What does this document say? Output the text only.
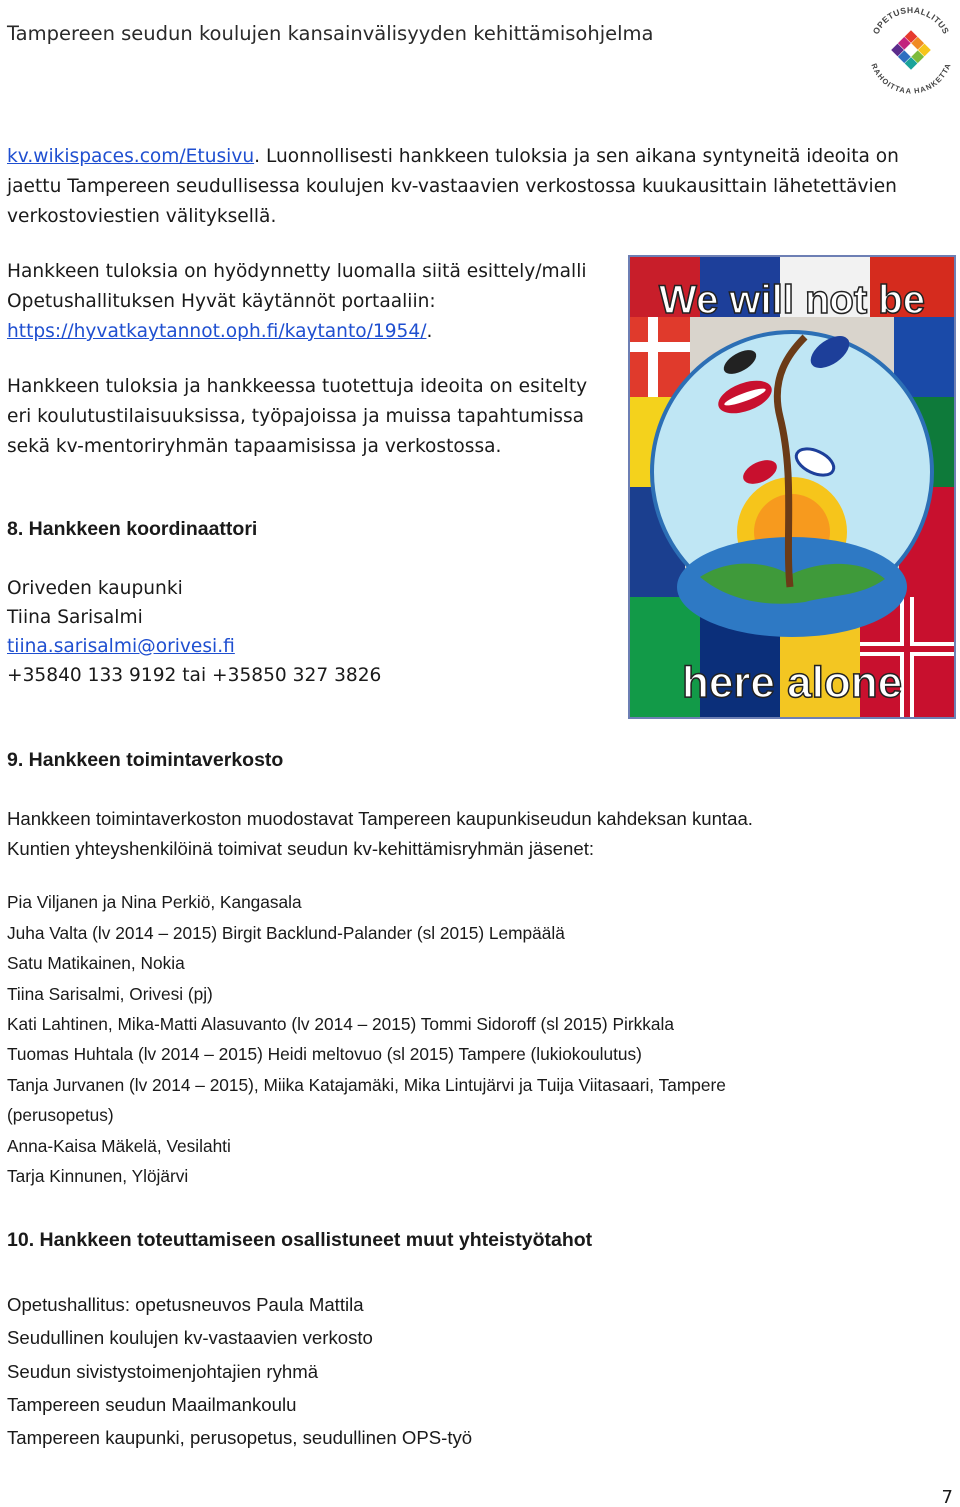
Tampereen seudun koulujen kansainvälisyyden kehittämisohjelma	OPETUSHALLITUS
RAHOITTAA HANKETTA
kv.wikispaces.com/Etusivu. Luonnollisesti hankkeen tuloksia ja sen aikana syntyneitä ideoita on
jaettu Tampereen seudullisessa koulujen kv-vastaavien verkostossa kuukausittain lähetettävien
verkostoviestien välityksellä.
Hankkeen tuloksia on hyödynnetty luomalla siitä esittely/malli
Opetushallituksen Hyvät käytännöt portaaliin:
https://hyvatkaytannot.oph.fi/kaytanto/1954/.
Hankkeen tuloksia ja hankkeessa tuotettuja ideoita on esitelty
eri koulutustilaisuuksissa, työpajoissa ja muissa tapahtumissa
sekä kv-mentoriryhmän tapaamisissa ja verkostossa.
We will not be
here alone
8. Hankkeen koordinaattori
Oriveden kaupunki
Tiina Sarisalmi
tiina.sarisalmi@orivesi.fi
+35840 133 9192 tai +35850 327 3826
9. Hankkeen toimintaverkosto
Hankkeen toimintaverkoston muodostavat Tampereen kaupunkiseudun kahdeksan kuntaa.
Kuntien yhteyshenkilöinä toimivat seudun kv-kehittämisryhmän jäsenet:
Pia Viljanen ja Nina Perkiö, Kangasala
Juha Valta (lv 2014 – 2015) Birgit Backlund-Palander (sl 2015) Lempäälä
Satu Matikainen, Nokia
Tiina Sarisalmi, Orivesi (pj)
Kati Lahtinen, Mika-Matti Alasuvanto (lv 2014 – 2015) Tommi Sidoroff (sl 2015) Pirkkala
Tuomas Huhtala (lv 2014 – 2015) Heidi meltovuo (sl 2015) Tampere (lukiokoulutus)
Tanja Jurvanen (lv 2014 – 2015), Miika Katajamäki, Mika Lintujärvi ja Tuija Viitasaari, Tampere
(perusopetus)
Anna-Kaisa Mäkelä, Vesilahti
Tarja Kinnunen, Ylöjärvi
10. Hankkeen toteuttamiseen osallistuneet muut yhteistyötahot
Opetushallitus: opetusneuvos Paula Mattila
Seudullinen koulujen kv-vastaavien verkosto
Seudun sivistystoimenjohtajien ryhmä
Tampereen seudun Maailmankoulu
Tampereen kaupunki, perusopetus, seudullinen OPS-työ
7
